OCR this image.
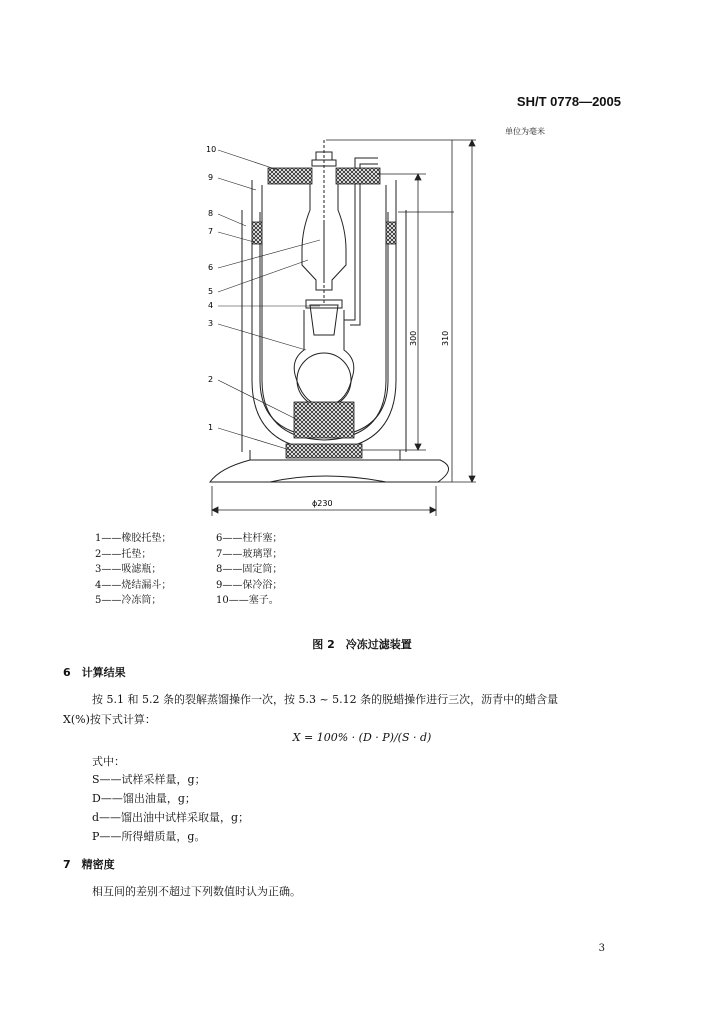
SH/T 0778—2005
单位为毫米
10
9
8
7
6
5
4
3
2
1
300	310
ϕ230
1——橡胶托垫；
2——托垫；
3——吸滤瓶；
4——烧结漏斗；
5——冷冻筒；
6——柱杆塞；
7——玻璃罩；
8——固定筒；
9——保冷浴；
10——塞子。
图 2　冷冻过滤装置
6　计算结果
按 5.1 和 5.2 条的裂解蒸馏操作一次，按 5.3 ~ 5.12 条的脱蜡操作进行三次，沥青中的蜡含量
X(%)按下式计算：
X = 100% · (D · P)/(S · d)
式中：
S——试样采样量，g；
D——馏出油量，g；
d——馏出油中试样采取量，g；
P——所得蜡质量，g。
7　精密度
相互间的差别不超过下列数值时认为正确。
3
